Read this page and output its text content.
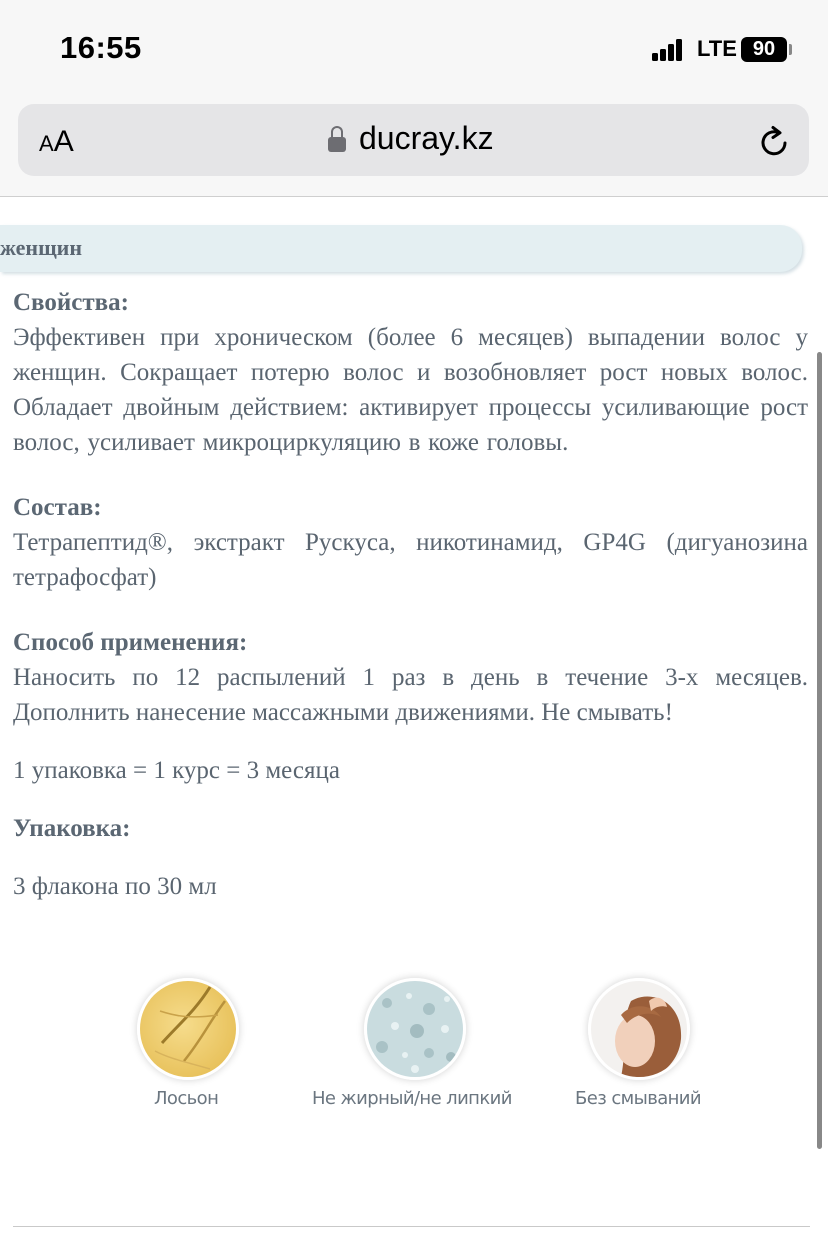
16:55	LTE 90
AA	ducray.kz
женщин

Свойства:

Эффективен при хроническом (более 6 месяцев) выпадении волос у женщин. Сокращает потерю волос и возобновляет рост новых волос. Обладает двойным действием: активирует процессы усиливающие рост волос, усиливает микроциркуляцию в коже головы.

Состав:

Тетрапептид®, экстракт Рускуса, никотинамид, GP4G (дигуанозина тетрафосфат)

Способ применения:

Наносить по 12 распылений 1 раз в день в течение 3-х месяцев. Дополнить нанесение массажными движениями. Не смывать!

1 упаковка = 1 курс = 3 месяца

Упаковка:

3 флакона по 30 мл

Лосьон	Не жирный/не липкий	Без смываний
